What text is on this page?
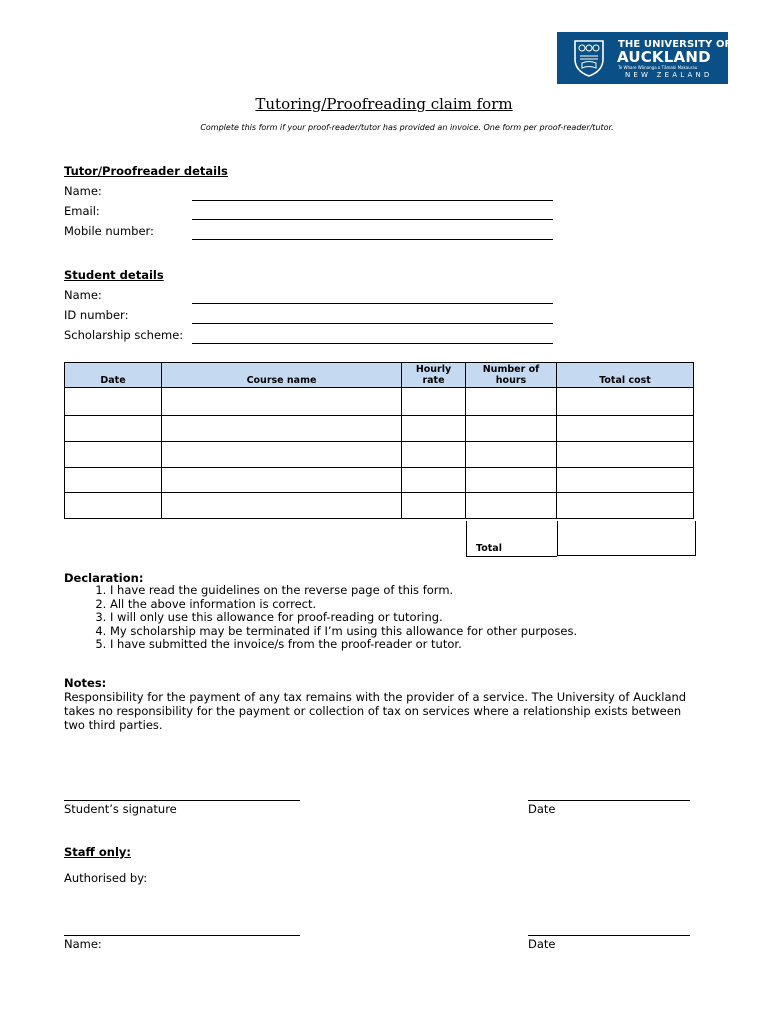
THE UNIVERSITY OF
AUCKLAND
Te Whare Wānanga o Tāmaki Makaurau
NEW ZEALAND
Tutoring/Proofreading claim form
Complete this form if your proof-reader/tutor has provided an invoice. One form per proof-reader/tutor.
Tutor/Proofreader details
Name:
Email:
Mobile number:
Student details
Name:
ID number:
Scholarship scheme:
Date	Course name	Hourly rate	Number of hours	Total cost

Total
Declaration:
1. I have read the guidelines on the reverse page of this form.
2. All the above information is correct.
3. I will only use this allowance for proof-reading or tutoring.
4. My scholarship may be terminated if I’m using this allowance for other purposes.
5. I have submitted the invoice/s from the proof-reader or tutor.
Notes:
Responsibility for the payment of any tax remains with the provider of a service. The University of Auckland takes no responsibility for the payment or collection of tax on services where a relationship exists between two third parties.
Student’s signature	Date
Staff only:
Authorised by:
Name:	Date
